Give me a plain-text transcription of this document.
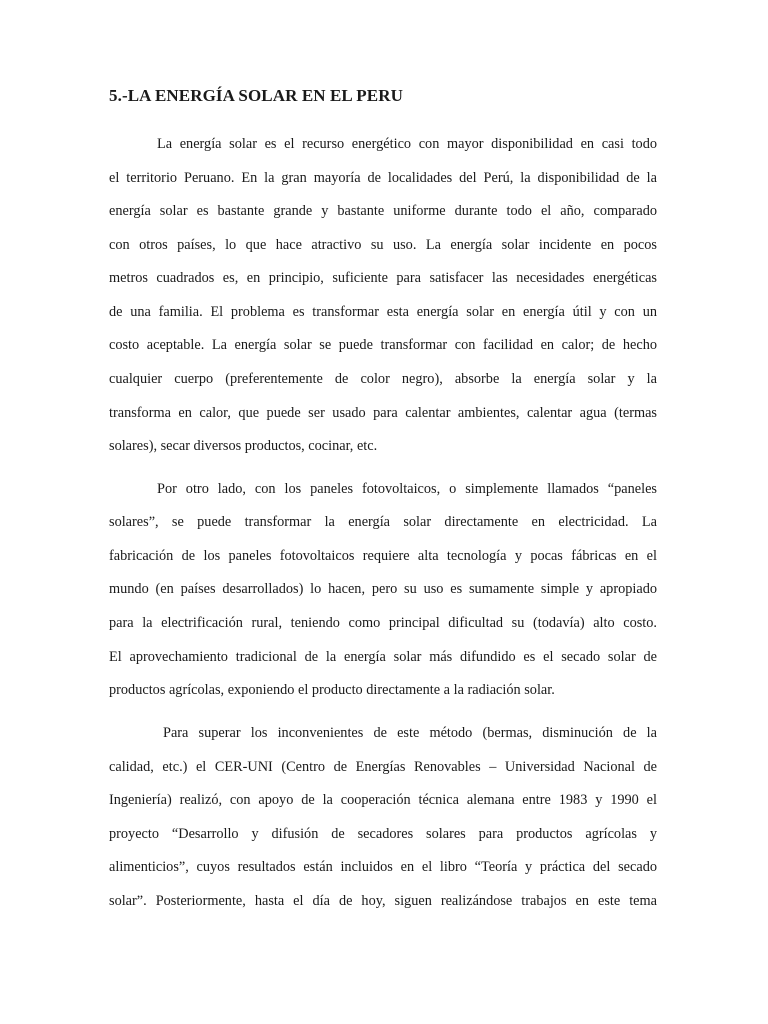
5.-LA ENERGÍA SOLAR EN EL PERU
La energía solar es el recurso energético con mayor disponibilidad en casi todo
el territorio Peruano. En la gran mayoría de localidades del Perú, la disponibilidad de la
energía solar es bastante grande y bastante uniforme durante todo el año, comparado
con otros países, lo que hace atractivo su uso. La energía solar incidente en pocos
metros cuadrados es, en principio, suficiente para satisfacer las necesidades energéticas
de una familia. El problema es transformar esta energía solar en energía útil y con un
costo aceptable. La energía solar se puede transformar con facilidad en calor; de hecho
cualquier cuerpo (preferentemente de color negro), absorbe la energía solar y la
transforma en calor, que puede ser usado para calentar ambientes, calentar agua (termas
solares), secar diversos productos, cocinar, etc.
Por otro lado, con los paneles fotovoltaicos, o simplemente llamados “paneles
solares”, se puede transformar la energía solar directamente en electricidad. La
fabricación de los paneles fotovoltaicos requiere alta tecnología y pocas fábricas en el
mundo (en países desarrollados) lo hacen, pero su uso es sumamente simple y apropiado
para la electrificación rural, teniendo como principal dificultad su (todavía) alto costo.
El aprovechamiento tradicional de la energía solar más difundido es el secado solar de
productos agrícolas, exponiendo el producto directamente a la radiación solar.
Para superar los inconvenientes de este método (bermas, disminución de la
calidad, etc.) el CER-UNI (Centro de Energías Renovables – Universidad Nacional de
Ingeniería) realizó, con apoyo de la cooperación técnica alemana entre 1983 y 1990 el
proyecto “Desarrollo y difusión de secadores solares para productos agrícolas y
alimenticios”, cuyos resultados están incluidos en el libro “Teoría y práctica del secado
solar”. Posteriormente, hasta el día de hoy, siguen realizándose trabajos en este tema
